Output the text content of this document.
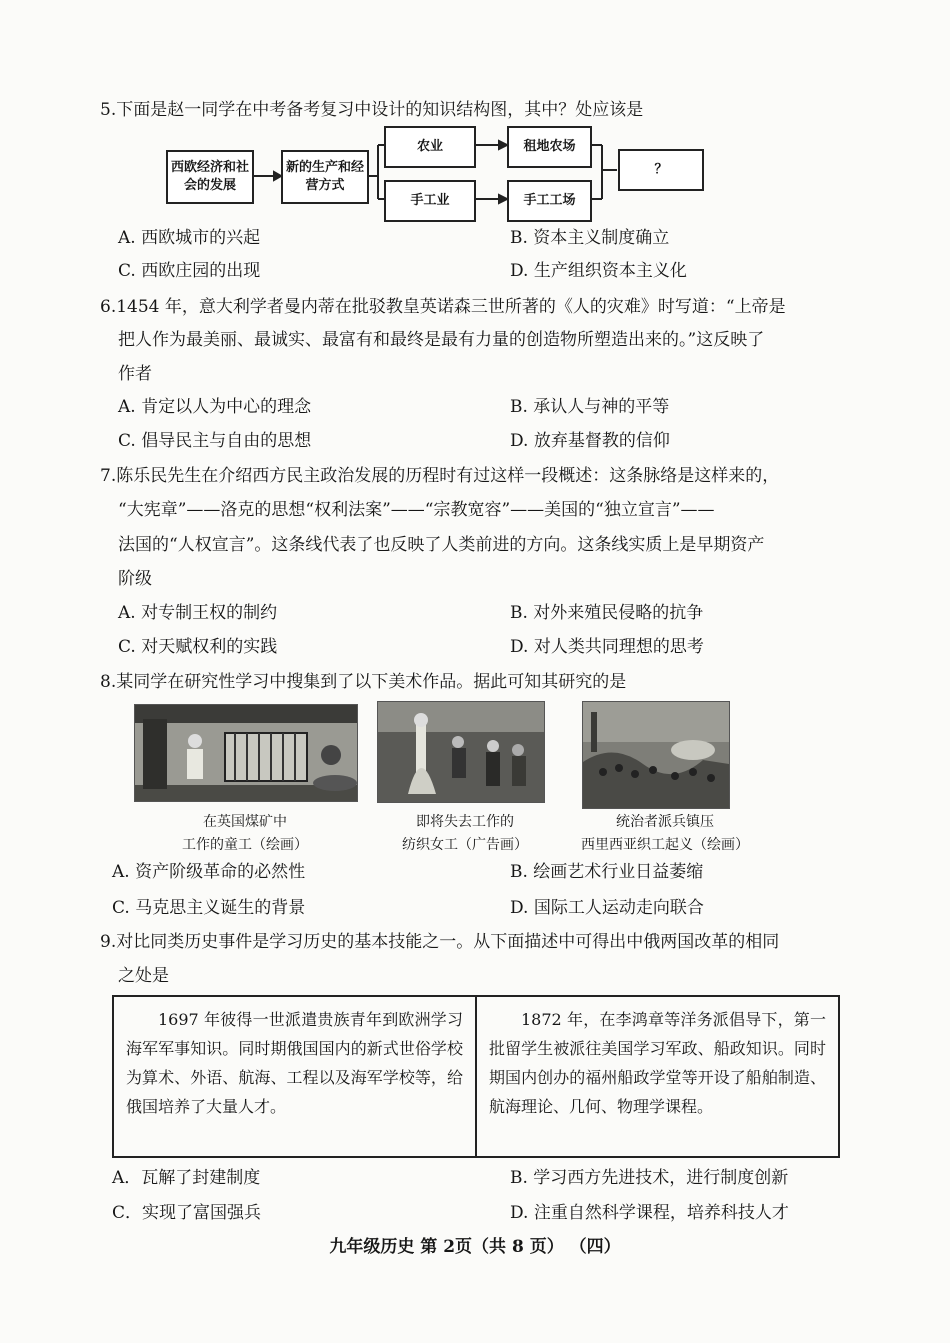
5.下面是赵一同学在中考备考复习中设计的知识结构图，其中？处应该是
西欧经济和社会的发展
新的生产和经营方式
农业
手工业
租地农场
手工工场
？
A. 西欧城市的兴起	B. 资本主义制度确立
C. 西欧庄园的出现	D. 生产组织资本主义化
6.1454 年，意大利学者曼内蒂在批驳教皇英诺森三世所著的《人的灾难》时写道：“上帝是
把人作为最美丽、最诚实、最富有和最终是最有力量的创造物所塑造出来的。”这反映了
作者
A. 肯定以人为中心的理念	B. 承认人与神的平等
C. 倡导民主与自由的思想	D. 放弃基督教的信仰
7.陈乐民先生在介绍西方民主政治发展的历程时有过这样一段概述：这条脉络是这样来的，
“大宪章”——洛克的思想“权利法案”——“宗教宽容”——美国的“独立宣言”——
法国的“人权宣言”。这条线代表了也反映了人类前进的方向。这条线实质上是早期资产
阶级
A. 对专制王权的制约	B. 对外来殖民侵略的抗争
C. 对天赋权利的实践	D. 对人类共同理想的思考
8.某同学在研究性学习中搜集到了以下美术作品。据此可知其研究的是
在英国煤矿中
工作的童工（绘画）
即将失去工作的
纺织女工（广告画）
统治者派兵镇压
西里西亚织工起义（绘画）
A. 资产阶级革命的必然性	B. 绘画艺术行业日益萎缩
C. 马克思主义诞生的背景	D. 国际工人运动走向联合
9.对比同类历史事件是学习历史的基本技能之一。从下面描述中可得出中俄两国改革的相同
之处是
1697 年彼得一世派遣贵族青年到欧洲学习海军军事知识。同时期俄国国内的新式世俗学校为算术、外语、航海、工程以及海军学校等，给俄国培养了大量人才。
1872 年，在李鸿章等洋务派倡导下，第一批留学生被派往美国学习军政、船政知识。同时期国内创办的福州船政学堂等开设了船舶制造、航海理论、几何、物理学课程。
A．瓦解了封建制度	B. 学习西方先进技术，进行制度创新
C．实现了富国强兵	D. 注重自然科学课程，培养科技人才
九年级历史 第 2页（共 8 页） （四）
